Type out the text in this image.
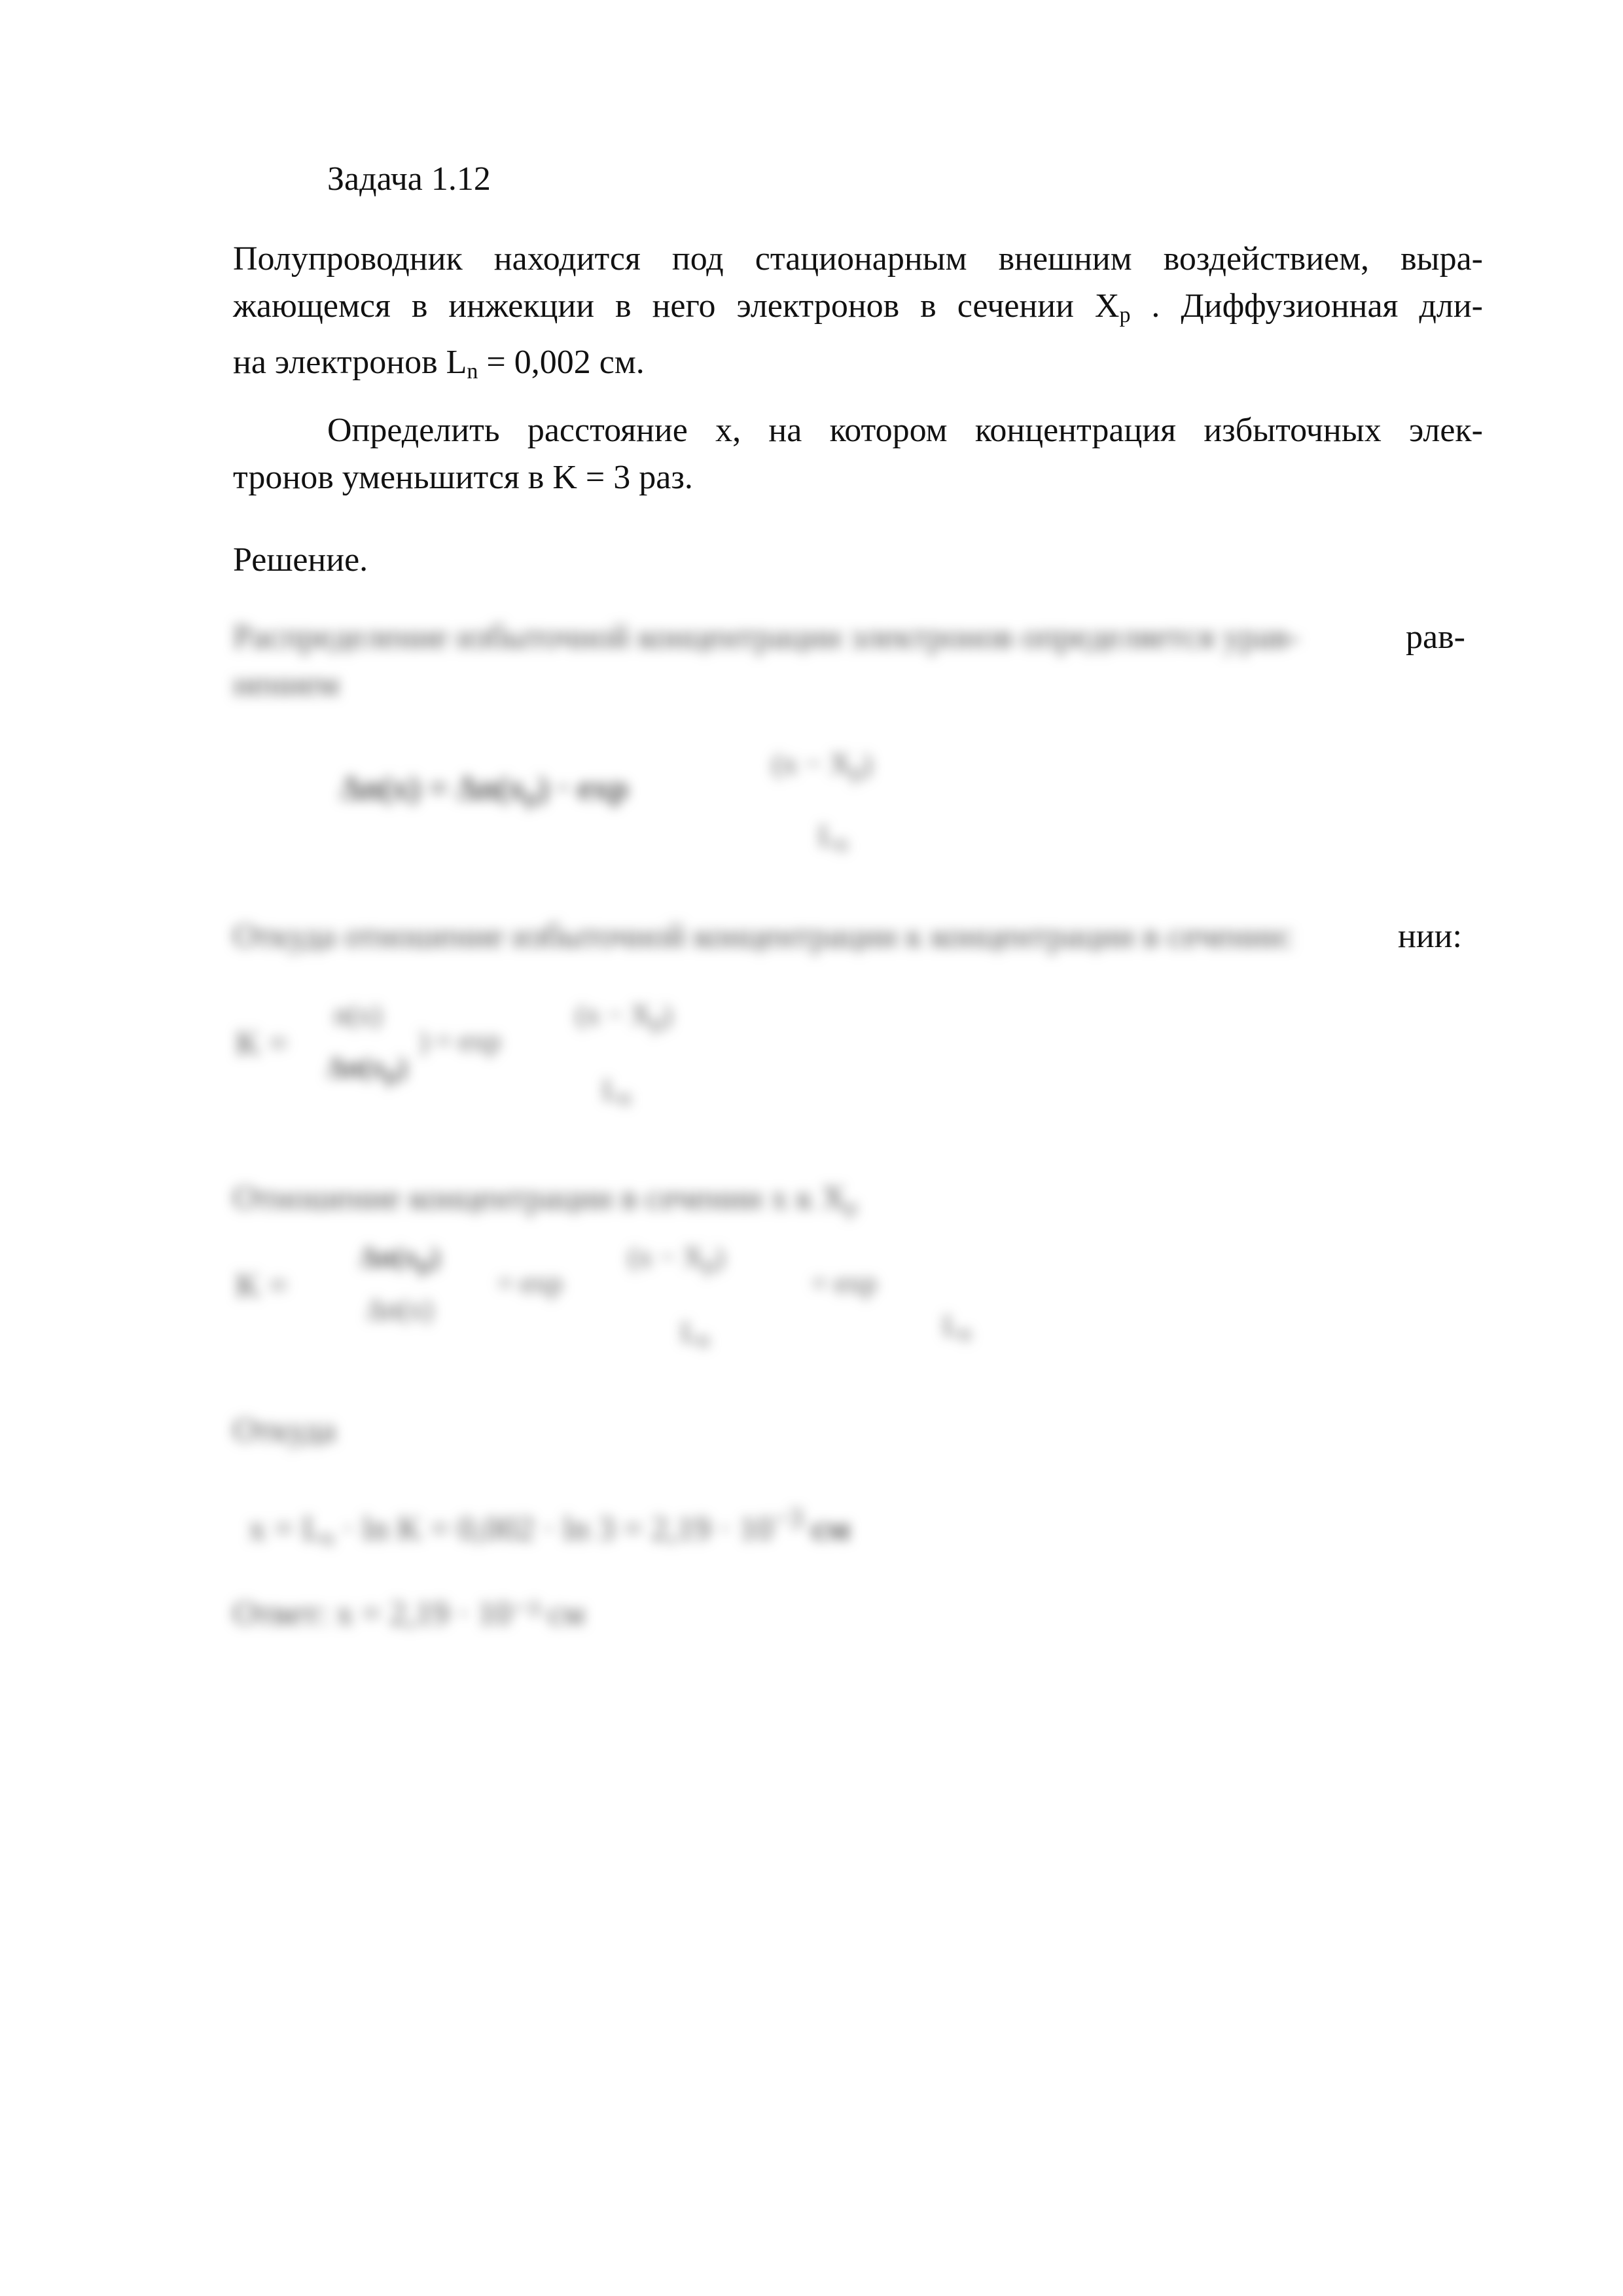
Задача 1.12
Полупроводник находится под стационарным внешним воздействием, выра-
жающемся в инжекции в него электронов в сечении $X_p$ . Диффузионная дли-
на электронов $L_n = 0,002$ см.
Определить расстояние x, на котором концентрация избыточных элек-
тронов уменьшится в K = 3 раз.
Решение.
Распределение избыточной концентрации электронов определяется урав-	рав-
нением
$\Delta n(x) = \Delta n(x_p) \cdot \exp$
$(x - X_p)$
$L_n$
Откуда отношение избыточной концентрации к концентрации в сечении:	нии:
K =
n(x)
$\Delta n(x_p)$
) = exp
$(x - X_p)$
$L_n$
Отношение концентрации в сечении x к $X_p$
K =
$\Delta n(x_p)$
Δn(x)
= exp
$(x - X_p)$
$L_n$
= exp
$L_n$
Откуда
$x = L_n \cdot \ln K = 0,002 \cdot \ln 3 = 2,19 \cdot 10^{-3}$ см
Ответ: x = 2,19 · 10⁻³ см
